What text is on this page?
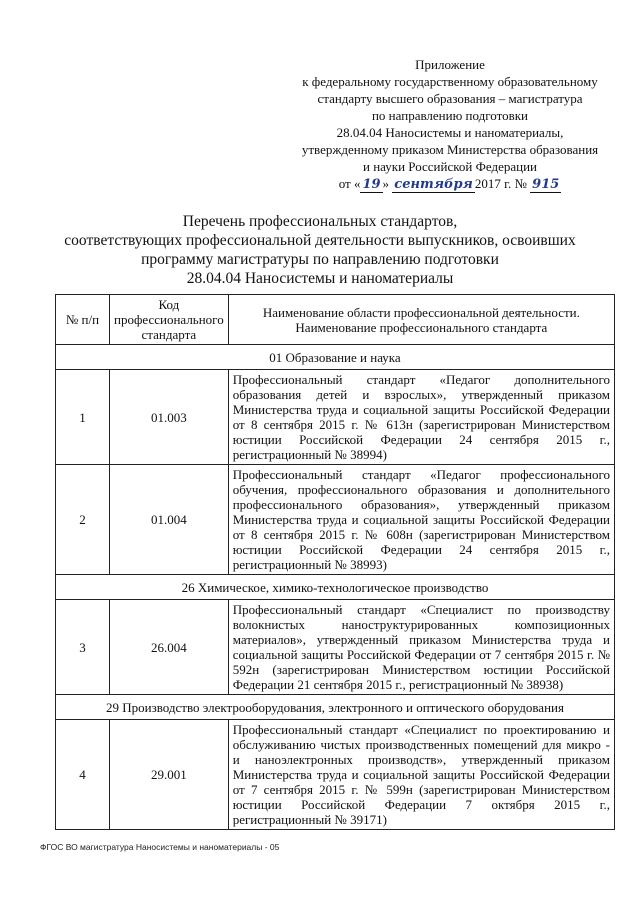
Приложение
к федеральному государственному образовательному
стандарту высшего образования – магистратура
по направлению подготовки
28.04.04 Наносистемы и наноматериалы,
утвержденному приказом Министерства образования
и науки Российской Федерации
от « 19 » сентября 2017 г. № 915
Перечень профессиональных стандартов,
соответствующих профессиональной деятельности выпускников, освоивших
программу магистратуры по направлению подготовки
28.04.04 Наносистемы и наноматериалы
№ п/п	Код профессионального стандарта	Наименование области профессиональной деятельности. Наименование профессионального стандарта
01 Образование и наука		
1	01.003	Профессиональный стандарт «Педагог дополнительного образования детей и взрослых», утвержденный приказом Министерства труда и социальной защиты Российской Федерации от 8 сентября 2015 г. № 613н (зарегистрирован Министерством юстиции Российской Федерации 24 сентября 2015 г., регистрационный № 38994)
2	01.004	Профессиональный стандарт «Педагог профессионального обучения, профессионального образования и дополнительного профессионального образования», утвержденный приказом Министерства труда и социальной защиты Российской Федерации от 8 сентября 2015 г. № 608н (зарегистрирован Министерством юстиции Российской Федерации 24 сентября 2015 г., регистрационный № 38993)
26 Химическое, химико-технологическое производство		
3	26.004	Профессиональный стандарт «Специалист по производству волокнистых наноструктурированных композиционных материалов», утвержденный приказом Министерства труда и социальной защиты Российской Федерации от 7 сентября 2015 г. № 592н (зарегистрирован Министерством юстиции Российской Федерации 21 сентября 2015 г., регистрационный № 38938)
29 Производство электрооборудования, электронного и оптического оборудования		
4	29.001	Профессиональный стандарт «Специалист по проектированию и обслуживанию чистых производственных помещений для микро - и наноэлектронных производств», утвержденный приказом Министерства труда и социальной защиты Российской Федерации от 7 сентября 2015 г. № 599н (зарегистрирован Министерством юстиции Российской Федерации 7 октября 2015 г., регистрационный № 39171)
ФГОС ВО магистратура Наносистемы и наноматериалы - 05
